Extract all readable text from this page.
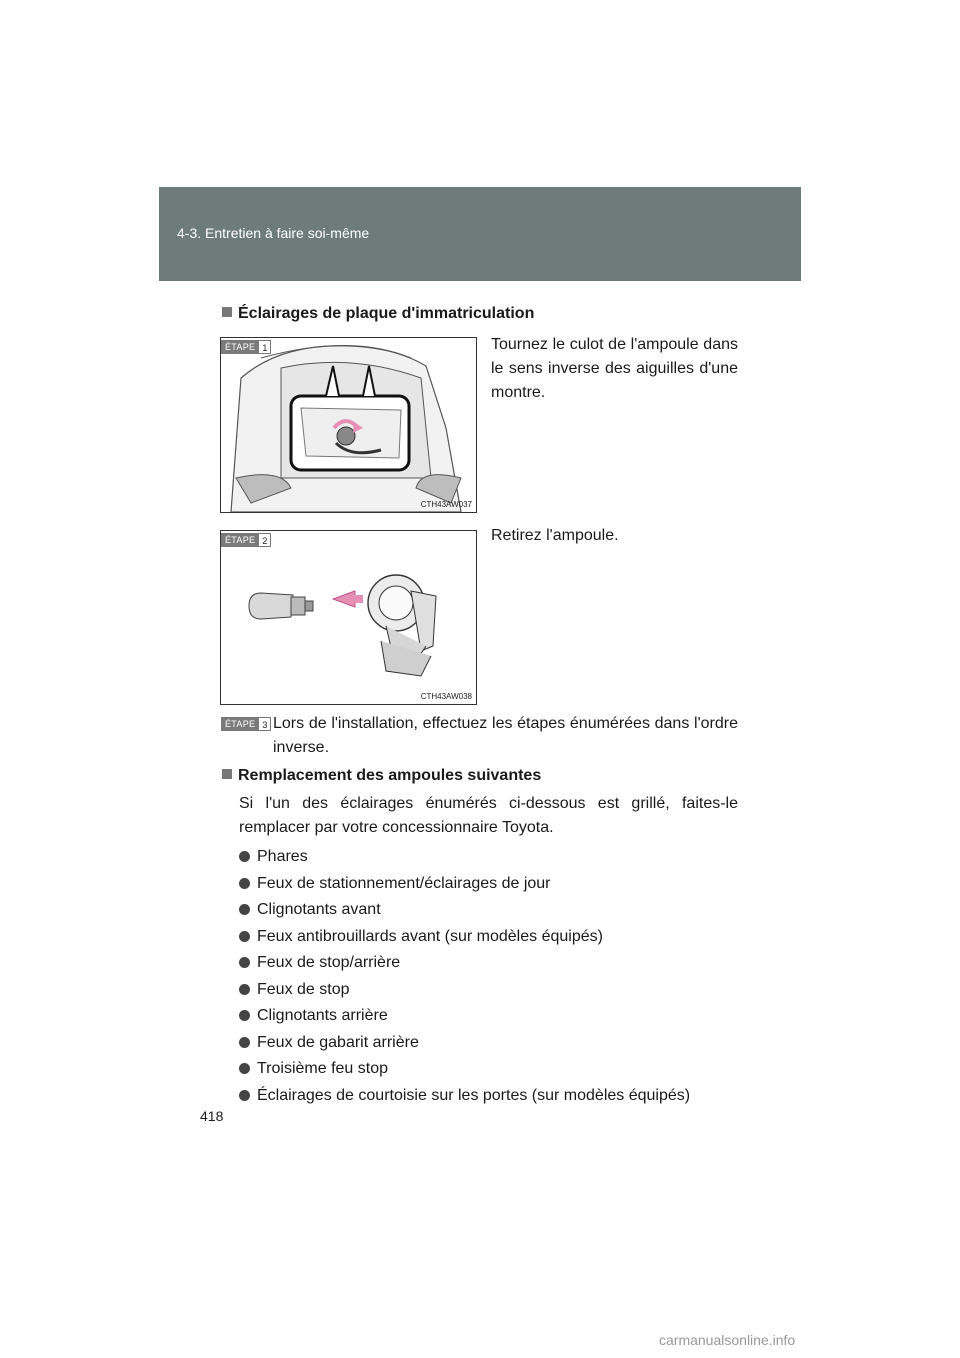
4-3. Entretien à faire soi-même
Éclairages de plaque d'immatriculation
ÉTAPE 1
CTH43AW037
Tournez le culot de l'ampoule dans le sens inverse des aiguilles d'une montre.
ÉTAPE 2
CTH43AW038
Retirez l'ampoule.
ÉTAPE 3 Lors de l'installation, effectuez les étapes énumérées dans l'ordre inverse.
Remplacement des ampoules suivantes
Si l'un des éclairages énumérés ci-dessous est grillé, faites-le remplacer par votre concessionnaire Toyota.
Phares
Feux de stationnement/éclairages de jour
Clignotants avant
Feux antibrouillards avant (sur modèles équipés)
Feux de stop/arrière
Feux de stop
Clignotants arrière
Feux de gabarit arrière
Troisième feu stop
Éclairages de courtoisie sur les portes (sur modèles équipés)
418
carmanualsonline.info
